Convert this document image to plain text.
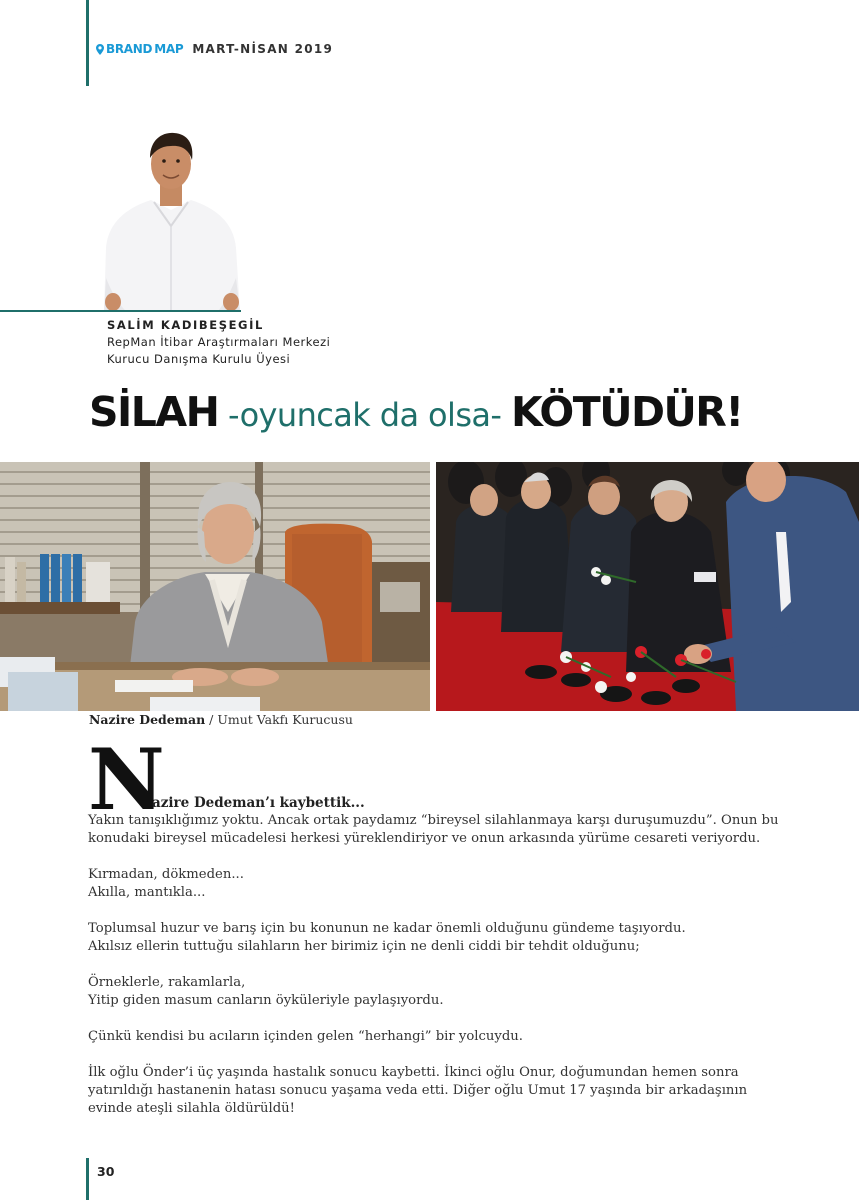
BRAND MAP MART-NİSAN 2019
SALİM KADIBEŞEGİL
RepMan İtibar Araştırmaları Merkezi
Kurucu Danışma Kurulu Üyesi
SİLAH -oyuncak da olsa- KÖTÜDÜR!
Nazire Dedeman / Umut Vakfı Kurucusu
N
azire Dedeman’ı kaybettik...

Yakın tanışıklığımız yoktu. Ancak ortak paydamız “bireysel silahlanmaya karşı duruşumuzdu”. Onun bu
konudaki bireysel mücadelesi herkesi yüreklendiriyor ve onun arkasında yürüme cesareti veriyordu.

Kırmadan, dökmeden...
Akılla, mantıkla...

Toplumsal huzur ve barış için bu konunun ne kadar önemli olduğunu gündeme taşıyordu.
Akılsız ellerin tuttuğu silahların her birimiz için ne denli ciddi bir tehdit olduğunu;

Örneklerle, rakamlarla,
Yitip giden masum canların öyküleriyle paylaşıyordu.

Çünkü kendisi bu acıların içinden gelen “herhangi” bir yolcuydu.

İlk oğlu Önder’i üç yaşında hastalık sonucu kaybetti. İkinci oğlu Onur, doğumundan hemen sonra
yatırıldığı hastanenin hatası sonucu yaşama veda etti. Diğer oğlu Umut 17 yaşında bir arkadaşının
evinde ateşli silahla öldürüldü!

30
